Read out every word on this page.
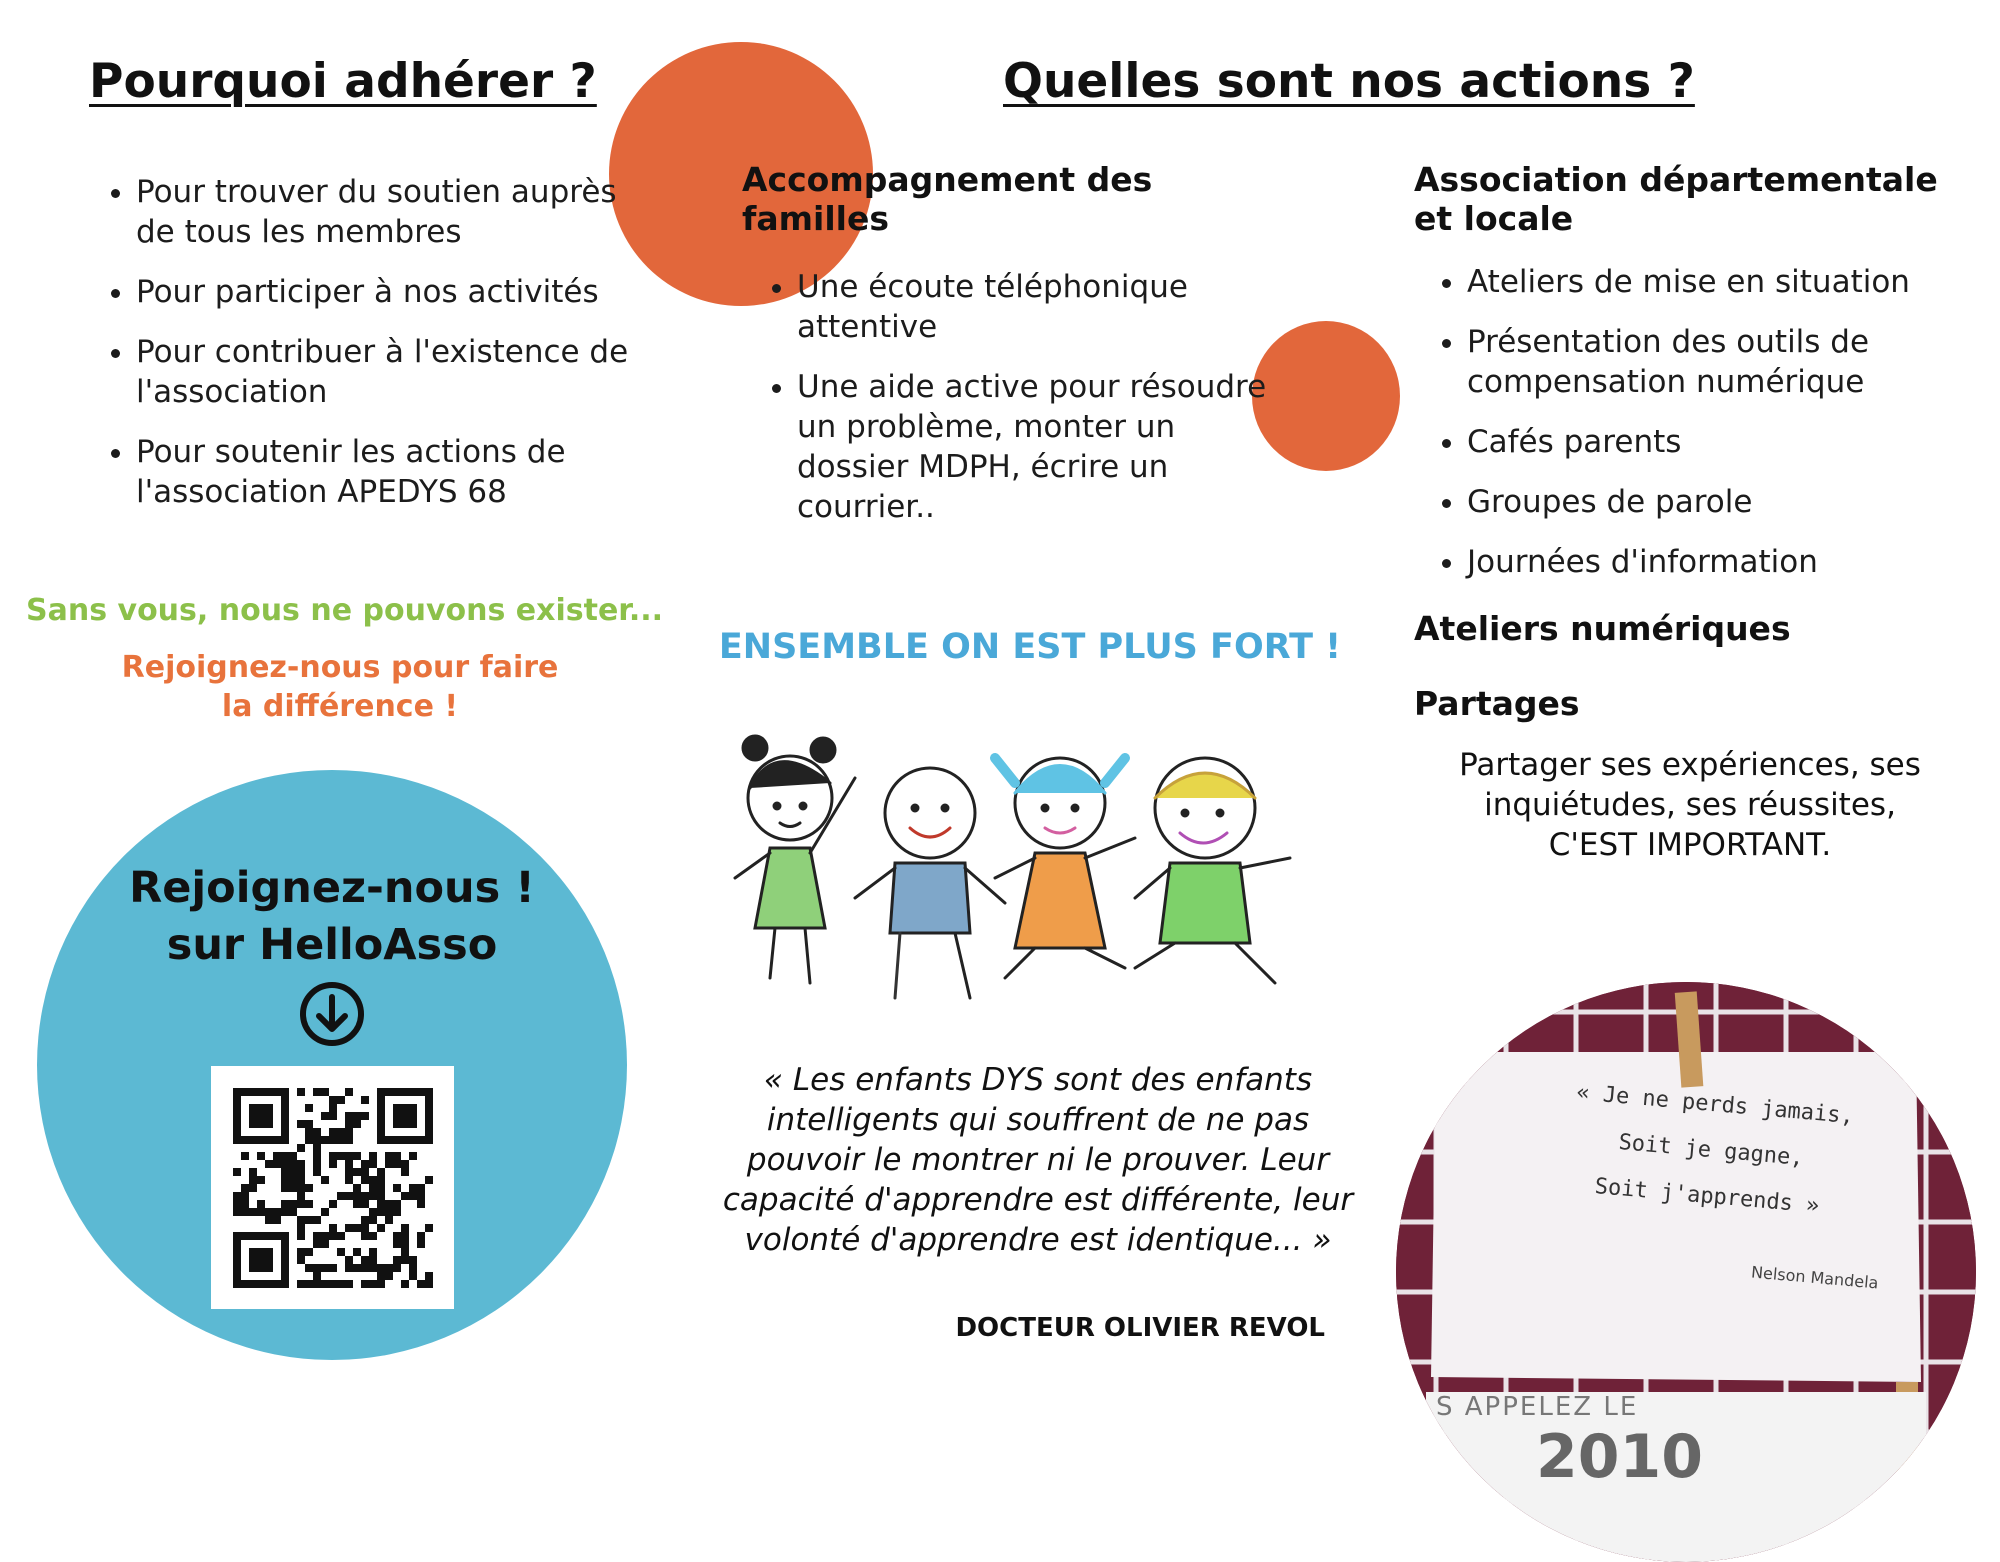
Pourquoi adhérer ?
• Pour trouver du soutien auprès de tous les membres
• Pour participer à nos activités
• Pour contribuer à l'existence de l'association
• Pour soutenir les actions de l'association APEDYS 68
Sans vous, nous ne pouvons exister...
Rejoignez-nous pour faire
la différence !
Rejoignez-nous !
sur HelloAsso
Quelles sont nos actions ?
Accompagnement des familles
• Une écoute téléphonique attentive
• Une aide active pour résoudre un problème, monter un dossier MDPH, écrire un courrier..
ENSEMBLE ON EST PLUS FORT !
« Les enfants DYS sont des enfants intelligents qui souffrent de ne pas pouvoir le montrer ni le prouver. Leur capacité d'apprendre est différente, leur volonté d'apprendre est identique... »
DOCTEUR OLIVIER REVOL
Association départementale et locale
• Ateliers de mise en situation
• Présentation des outils de compensation numérique
• Cafés parents
• Groupes de parole
• Journées d'information
Ateliers numériques
Partages
Partager ses expériences, ses
inquiétudes, ses réussites,
C'EST IMPORTANT.
« Je ne perds jamais,
Soit je gagne,
Soit j'apprends »
Nelson Mandela
S APPELEZ LE
2010
